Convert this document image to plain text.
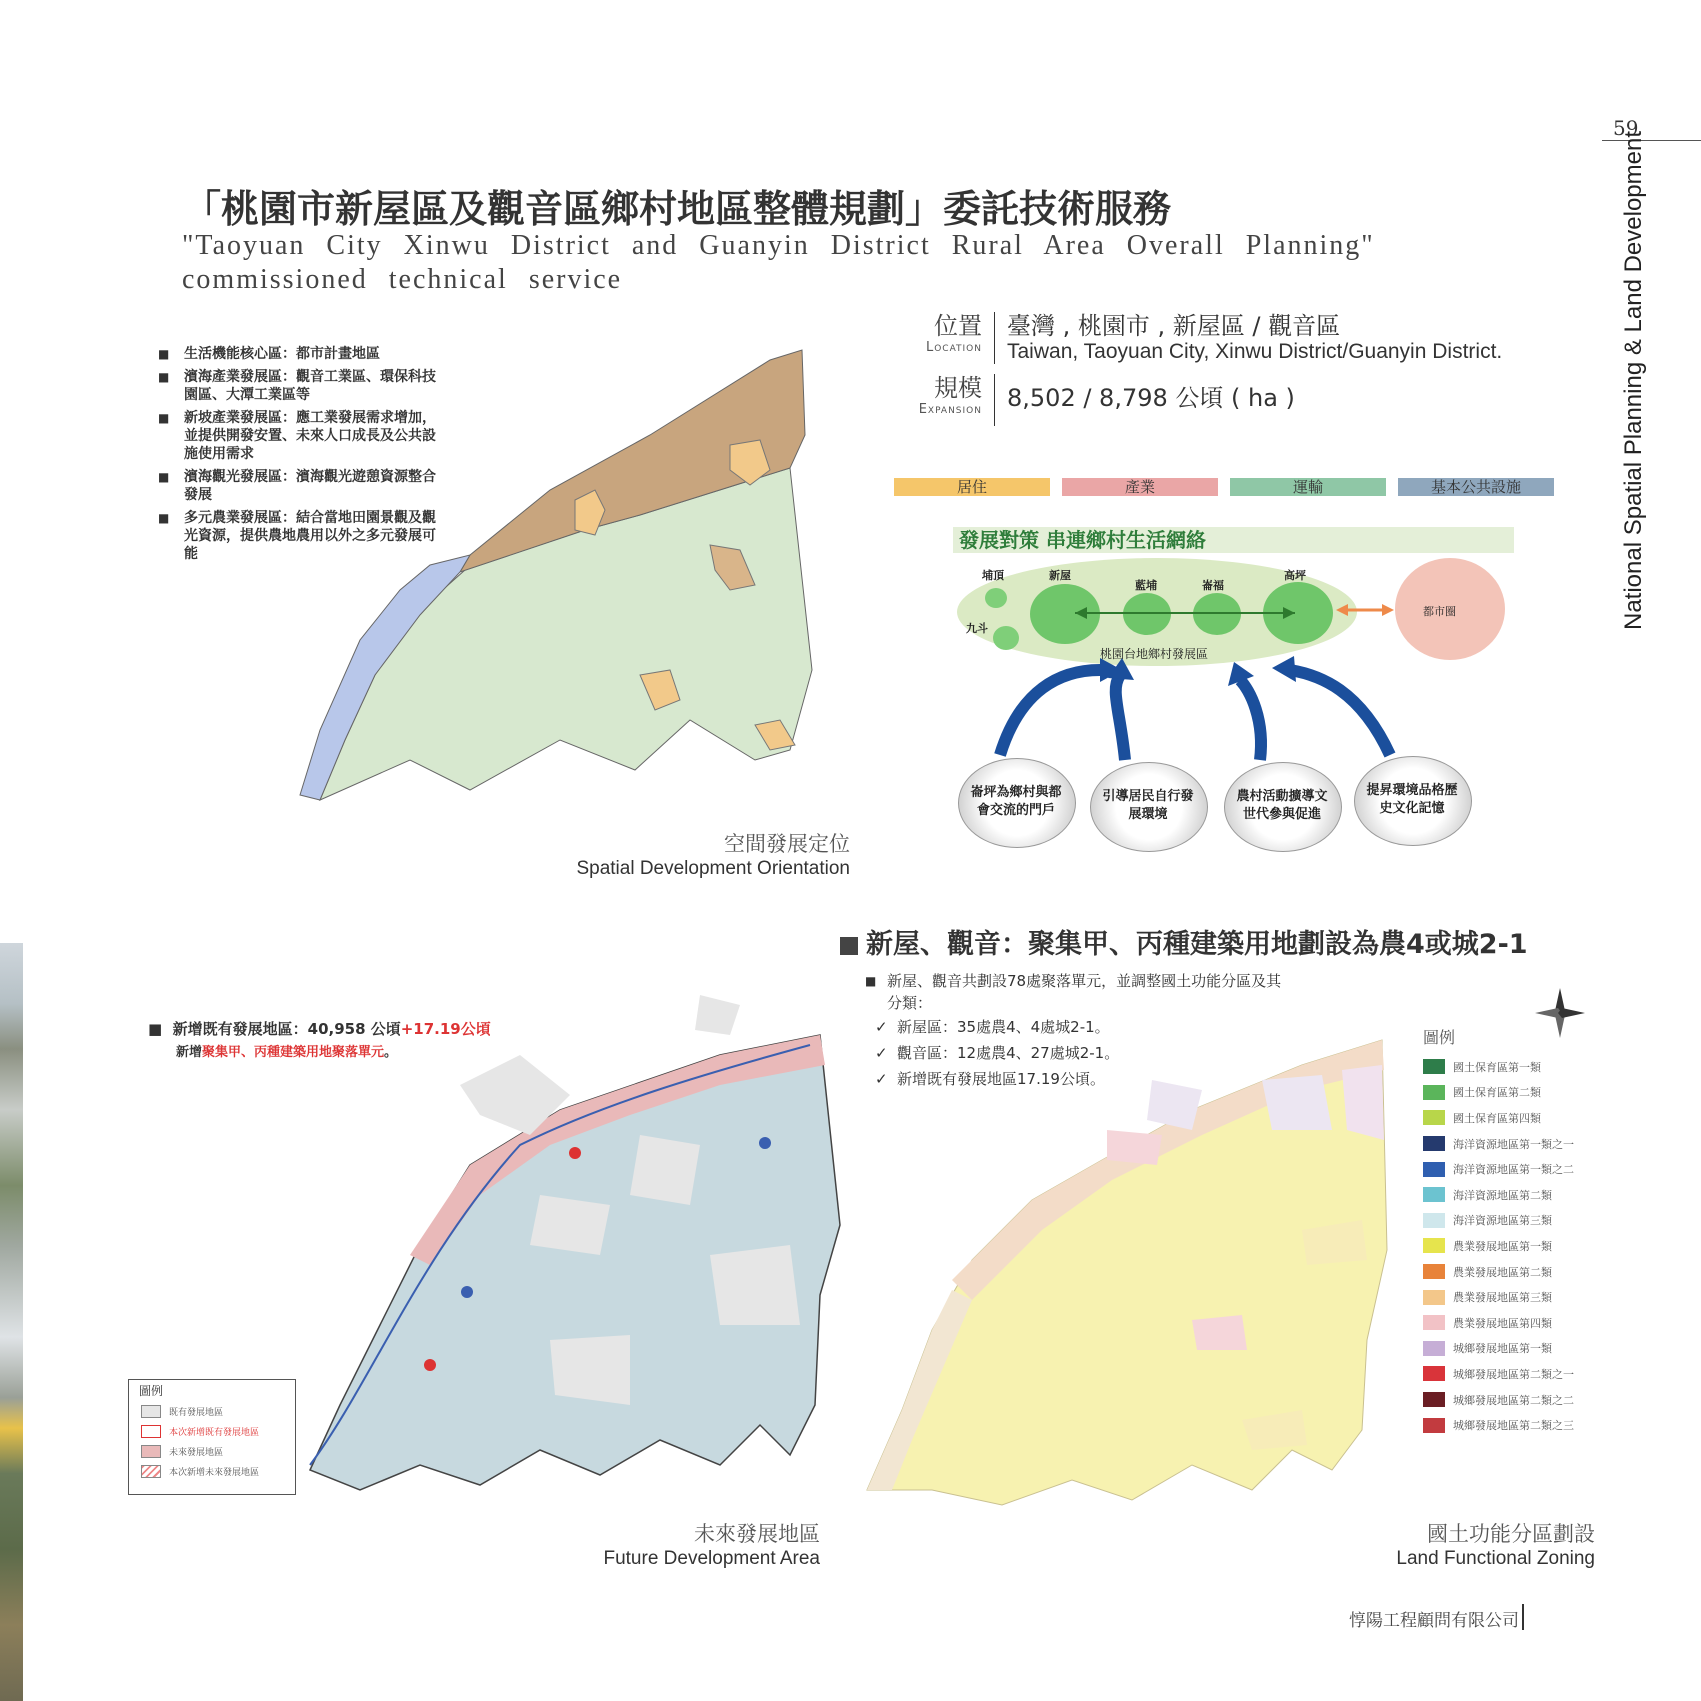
59
National Spatial Planning & Land Development
「桃園市新屋區及觀音區鄉村地區整體規劃」委託技術服務
"Taoyuan City Xinwu District and Guanyin District Rural Area Overall Planning" commissioned technical service
位置
Location
臺灣 , 桃園市 , 新屋區 / 觀音區
Taiwan, Taoyuan City, Xinwu District/Guanyin District.
規模
Expansion 8,502 / 8,798 公頃 ( ha )
■ 生活機能核心區：都市計畫地區
■ 濱海產業發展區：觀音工業區、環保科技園區、大潭工業區等
■ 新坡產業發展區：應工業發展需求增加，並提供開發安置、未來人口成長及公共設施使用需求
■ 濱海觀光發展區：濱海觀光遊憩資源整合發展
■ 多元農業發展區：結合當地田園景觀及觀光資源，提供農地農用以外之多元發展可能
空間發展定位
Spatial Development Orientation
居住	產業	運輸	基本公共設施
發展對策 串連鄉村生活網絡
埔頂	新屋
藍埔	崙福
高坪
九斗
桃園台地鄉村發展區
都市圈
崙坪為鄉村與都會交流的門戶
引導居民自行發展環境
農村活動擴導文世代參與促進
提昇環境品格歷史文化記憶
新屋、觀音：聚集甲、丙種建築用地劃設為農4或城2-1
■  新增既有發展地區：40,958 公頃+17.19公頃
新增聚集甲、丙種建築用地聚落單元。
圖例
既有發展地區
本次新增既有發展地區
未來發展地區
本次新增未來發展地區
未來發展地區
Future Development Area
■ 新屋、觀音共劃設78處聚落單元，並調整國土功能分區及其分類：
✓ 新屋區：35處農4、4處城2-1。
✓ 觀音區：12處農4、27處城2-1。
✓ 新增既有發展地區17.19公頃。
圖例
國土保育區第一類
國土保育區第二類
國土保育區第四類
海洋資源地區第一類之一
海洋資源地區第一類之二
海洋資源地區第二類
海洋資源地區第三類
農業發展地區第一類
農業發展地區第二類
農業發展地區第三類
農業發展地區第四類
城鄉發展地區第一類
城鄉發展地區第二類之一
城鄉發展地區第二類之二
城鄉發展地區第二類之三
國土功能分區劃設
Land Functional Zoning
惇陽工程顧問有限公司
